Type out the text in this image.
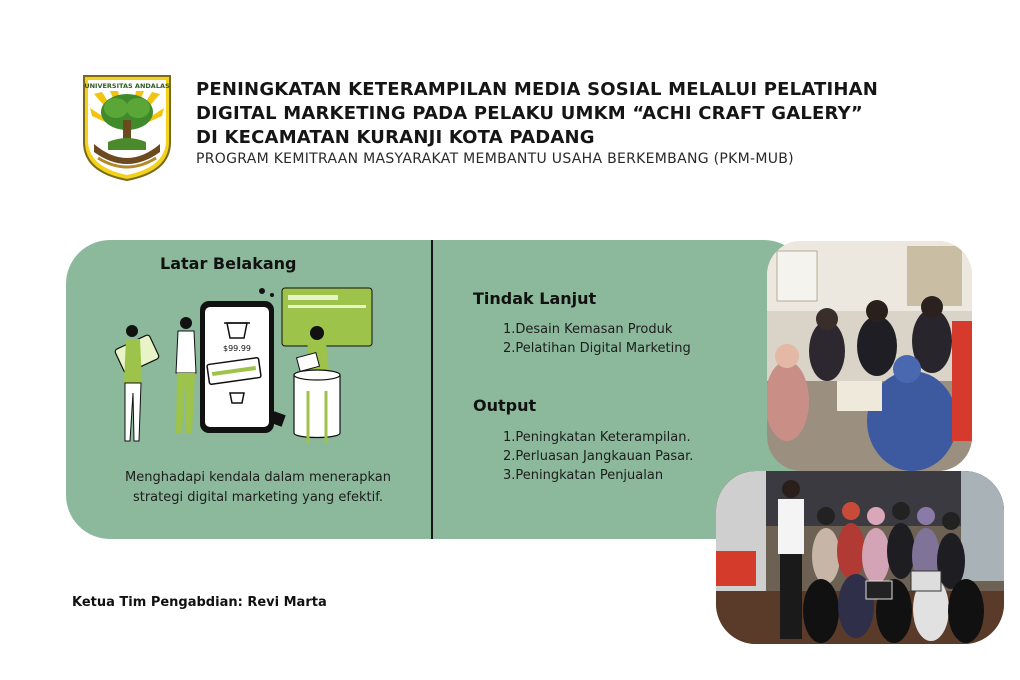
UNIVERSITAS ANDALAS PENINGKATAN KETERAMPILAN MEDIA SOSIAL MELALUI PELATIHAN
DIGITAL MARKETING PADA PELAKU UMKM “ACHI CRAFT GALERY”
DI KECAMATAN KURANJI KOTA PADANG
PROGRAM KEMITRAAN MASYARAKAT MEMBANTU USAHA BERKEMBANG (PKM-MUB)
Latar Belakang
$99.99
Menghadapi kendala dalam menerapkan strategi digital marketing yang efektif.
Tindak Lanjut
1.Desain Kemasan Produk
2.Pelatihan Digital Marketing
Output
1.Peningkatan Keterampilan.
2.Perluasan Jangkauan Pasar.
3.Peningkatan Penjualan
Ketua Tim Pengabdian: Revi Marta
